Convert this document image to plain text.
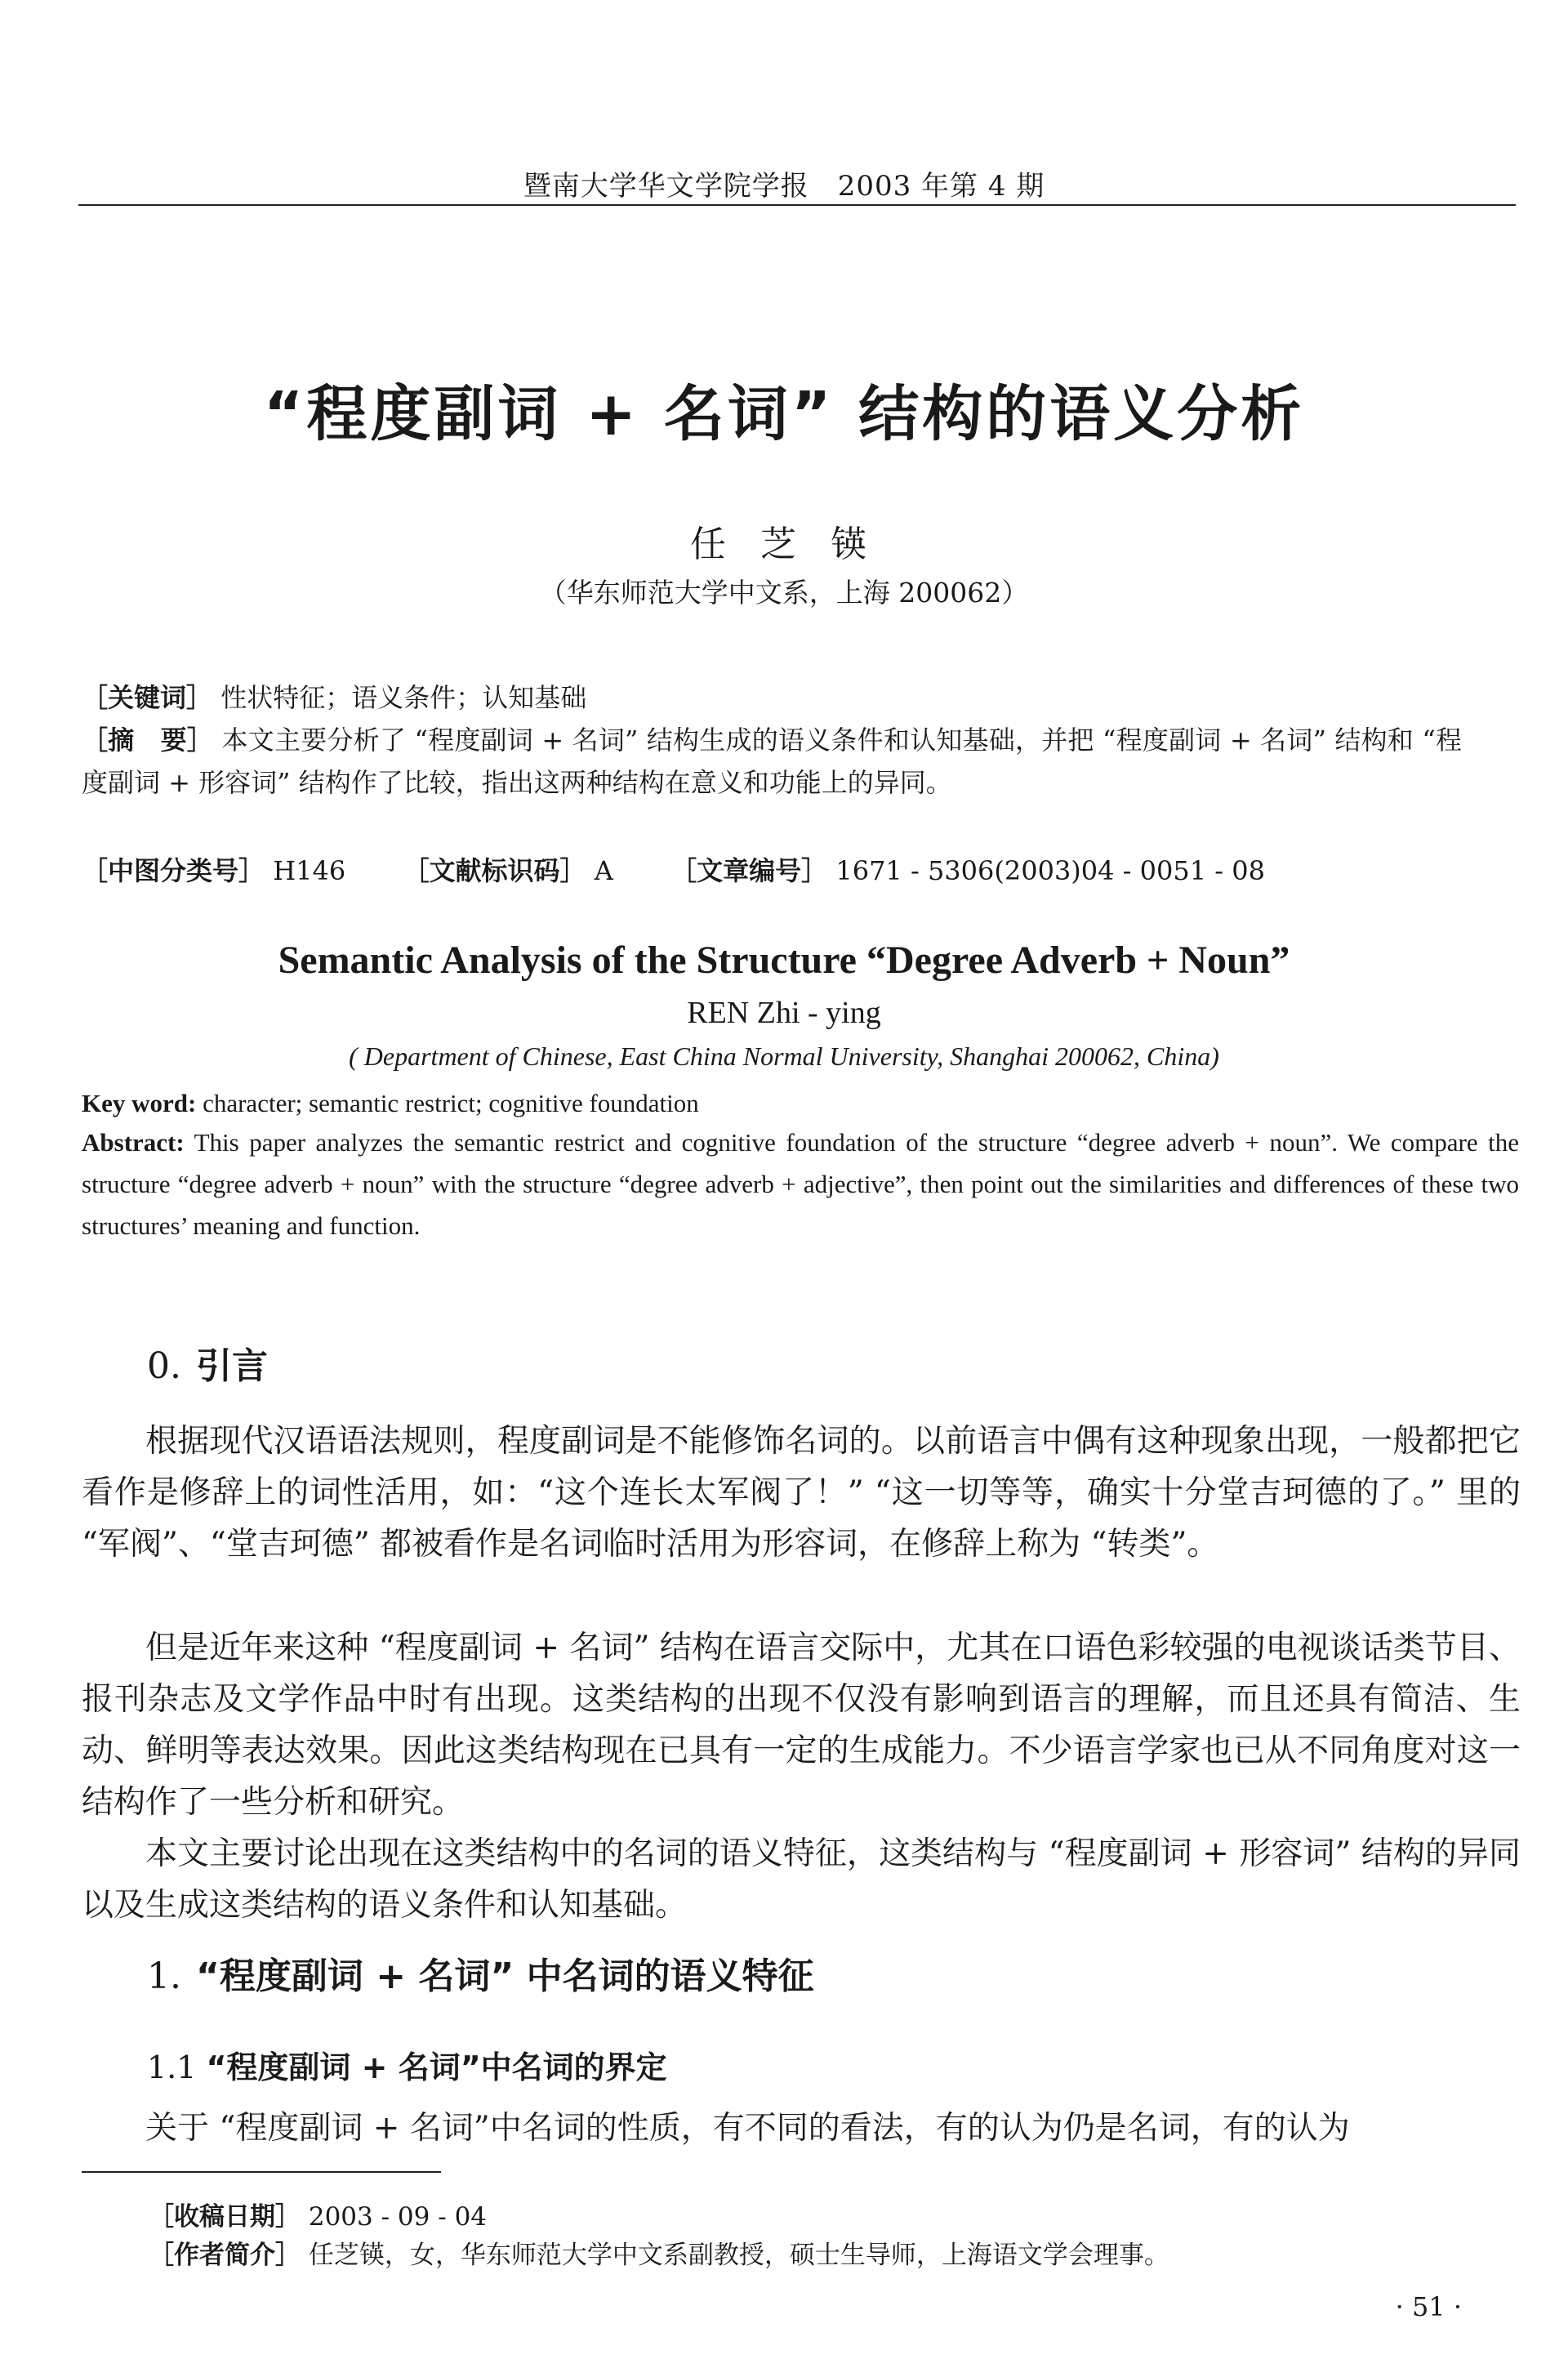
暨南大学华文学院学报　2003 年第 4 期
“程度副词 + 名词” 结构的语义分析
任 芝 锳
（华东师范大学中文系，上海 200062）
［关键词］ 性状特征；语义条件；认知基础
［摘　要］ 本文主要分析了 “程度副词 + 名词” 结构生成的语义条件和认知基础，并把 “程度副词 + 名词” 结构和 “程度副词 + 形容词” 结构作了比较，指出这两种结构在意义和功能上的异同。
［中图分类号］ H146 ［文献标识码］ A ［文章编号］ 1671 - 5306(2003)04 - 0051 - 08
Semantic Analysis of the Structure “Degree Adverb + Noun”
REN Zhi - ying
( Department of Chinese, East China Normal University, Shanghai 200062, China)
Key word: character; semantic restrict; cognitive foundation
Abstract: This paper analyzes the semantic restrict and cognitive foundation of the structure “degree adverb + noun”. We compare the structure “degree adverb + noun” with the structure “degree adverb + adjective”, then point out the similarities and differences of these two structures’ meaning and function.
0. 引言
根据现代汉语语法规则，程度副词是不能修饰名词的。以前语言中偶有这种现象出现，一般都把它看作是修辞上的词性活用，如：“这个连长太军阀了！” “这一切等等，确实十分堂吉珂德的了。” 里的 “军阀”、“堂吉珂德” 都被看作是名词临时活用为形容词，在修辞上称为 “转类”。
但是近年来这种 “程度副词 + 名词” 结构在语言交际中，尤其在口语色彩较强的电视谈话类节目、报刊杂志及文学作品中时有出现。这类结构的出现不仅没有影响到语言的理解，而且还具有简洁、生动、鲜明等表达效果。因此这类结构现在已具有一定的生成能力。不少语言学家也已从不同角度对这一结构作了一些分析和研究。
本文主要讨论出现在这类结构中的名词的语义特征，这类结构与 “程度副词 + 形容词” 结构的异同以及生成这类结构的语义条件和认知基础。
1. “程度副词 + 名词” 中名词的语义特征
1.1 “程度副词 + 名词”中名词的界定
关于 “程度副词 + 名词”中名词的性质，有不同的看法，有的认为仍是名词，有的认为
［收稿日期］ 2003 - 09 - 04
［作者简介］ 任芝锳，女，华东师范大学中文系副教授，硕士生导师，上海语文学会理事。
· 51 ·
